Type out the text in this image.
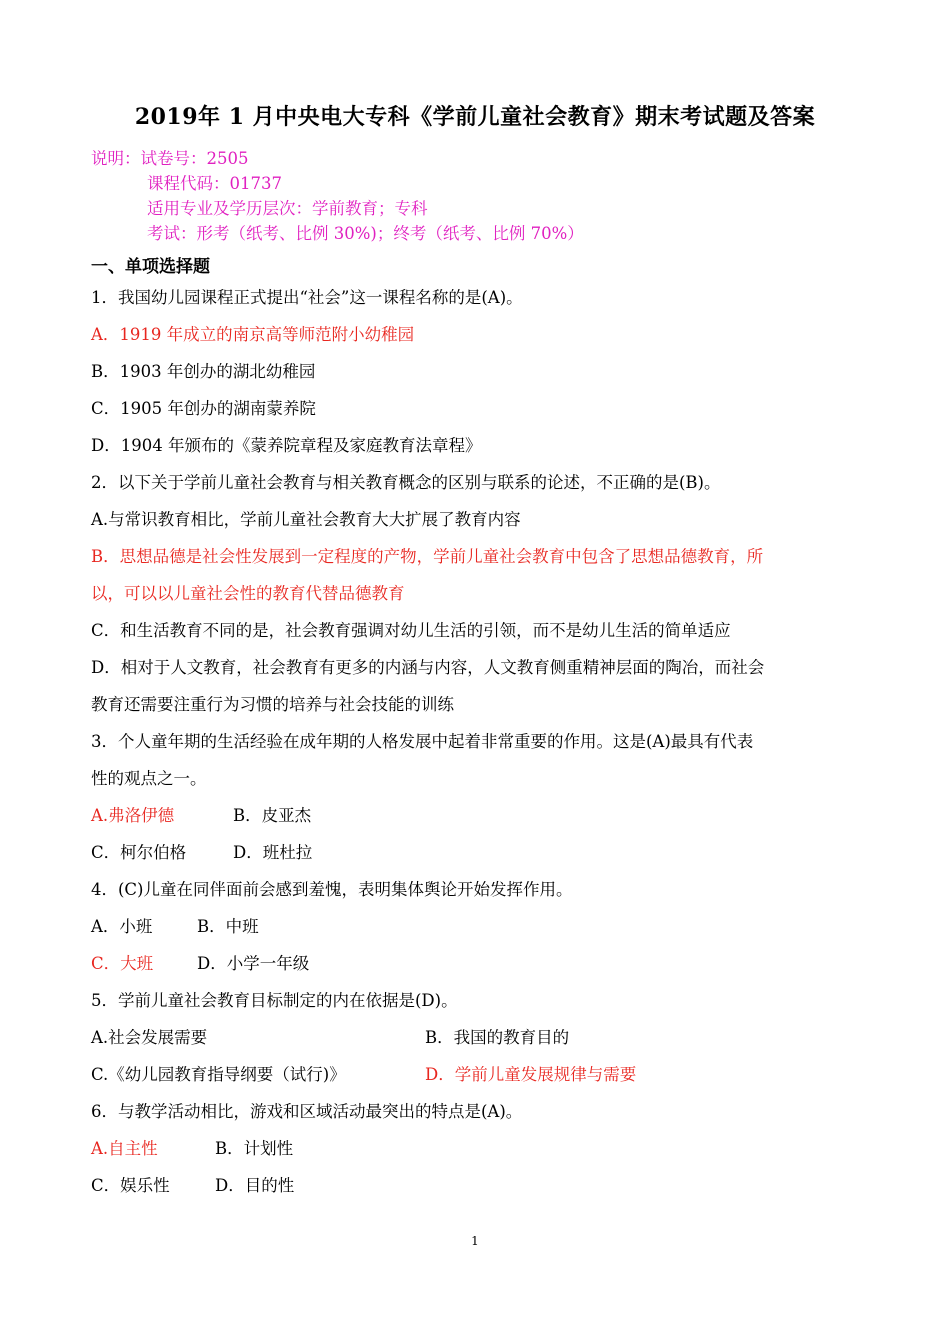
2019年 1 月中央电大专科《学前儿童社会教育》期末考试题及答案
说明：试卷号：2505
课程代码：01737
适用专业及学历层次：学前教育；专科
考试：形考（纸考、比例 30%)；终考（纸考、比例 70%）
一、单项选择题
1．我国幼儿园课程正式提出“社会”这一课程名称的是(A)。
A．1919 年成立的南京高等师范附小幼稚园
B．1903 年创办的湖北幼稚园
C．1905 年创办的湖南蒙养院
D．1904 年颁布的《蒙养院章程及家庭教育法章程》
2．以下关于学前儿童社会教育与相关教育概念的区别与联系的论述，不正确的是(B)。
A.与常识教育相比，学前儿童社会教育大大扩展了教育内容
B．思想品德是社会性发展到一定程度的产物，学前儿童社会教育中包含了思想品德教育，所
以，可以以儿童社会性的教育代替品德教育
C．和生活教育不同的是，社会教育强调对幼儿生活的引领，而不是幼儿生活的简单适应
D．相对于人文教育，社会教育有更多的内涵与内容，人文教育侧重精神层面的陶冶，而社会
教育还需要注重行为习惯的培养与社会技能的训练
3．个人童年期的生活经验在成年期的人格发展中起着非常重要的作用。这是(A)最具有代表
性的观点之一。
A.弗洛伊德	B．皮亚杰
C．柯尔伯格	D．班杜拉
4．(C)儿童在同伴面前会感到羞愧，表明集体舆论开始发挥作用。
A．小班	B．中班
C．大班	D．小学一年级
5．学前儿童社会教育目标制定的内在依据是(D)。
A.社会发展需要	B．我国的教育目的
C.《幼儿园教育指导纲要（试行)》	D．学前儿童发展规律与需要
6．与教学活动相比，游戏和区域活动最突出的特点是(A)。
A.自主性	B．计划性
C．娱乐性	D．目的性
1
